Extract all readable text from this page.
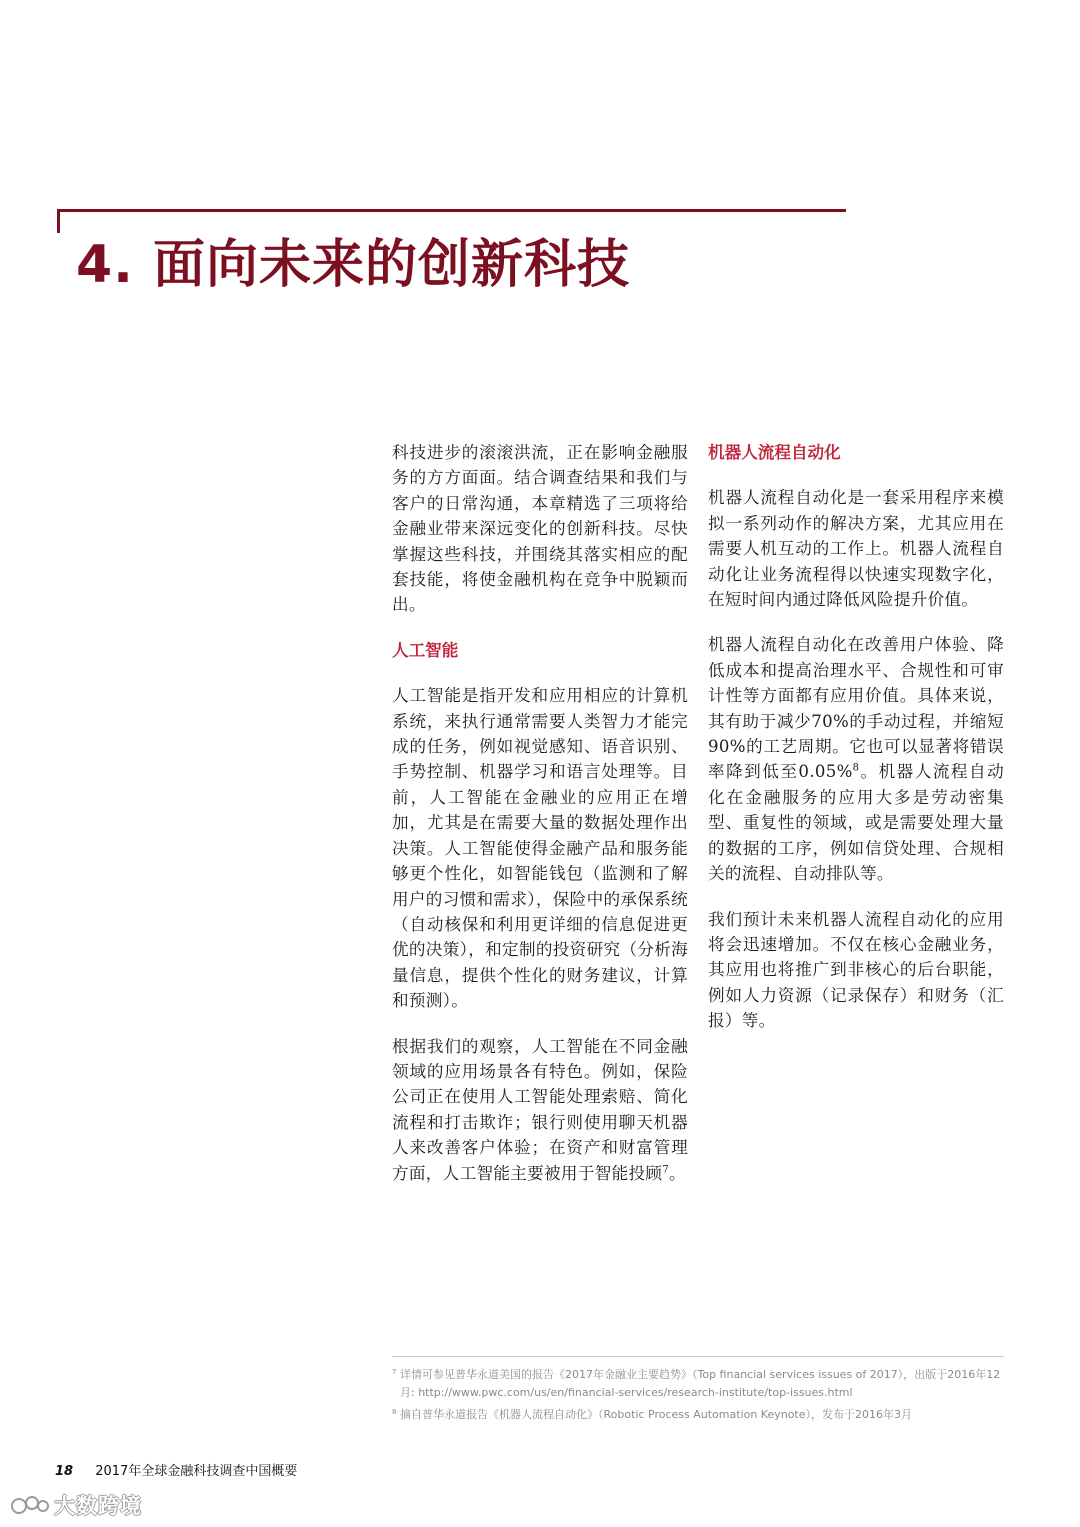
4. 面向未来的创新科技

科技进步的滚滚洪流，正在影响金融服务的方方面面。结合调查结果和我们与客户的日常沟通，本章精选了三项将给金融业带来深远变化的创新科技。尽快掌握这些科技，并围绕其落实相应的配套技能，将使金融机构在竞争中脱颖而出。

人工智能

人工智能是指开发和应用相应的计算机系统，来执行通常需要人类智力才能完成的任务，例如视觉感知、语音识别、手势控制、机器学习和语言处理等。目前，人工智能在金融业的应用正在增加，尤其是在需要大量的数据处理作出决策。人工智能使得金融产品和服务能够更个性化，如智能钱包（监测和了解用户的习惯和需求），保险中的承保系统（自动核保和利用更详细的信息促进更优的决策），和定制的投资研究（分析海量信息，提供个性化的财务建议，计算和预测）。

根据我们的观察，人工智能在不同金融领域的应用场景各有特色。例如，保险公司正在使用人工智能处理索赔、简化流程和打击欺诈；银行则使用聊天机器人来改善客户体验；在资产和财富管理方面，人工智能主要被用于智能投顾$^7$。

机器人流程自动化

机器人流程自动化是一套采用程序来模拟一系列动作的解决方案，尤其应用在需要人机互动的工作上。机器人流程自动化让业务流程得以快速实现数字化，在短时间内通过降低风险提升价值。

机器人流程自动化在改善用户体验、降低成本和提高治理水平、合规性和可审计性等方面都有应用价值。具体来说，其有助于减少70%的手动过程，并缩短90%的工艺周期。它也可以显著将错误率降到低至0.05%$^8$。机器人流程自动化在金融服务的应用大多是劳动密集型、重复性的领域，或是需要处理大量的数据的工序，例如信贷处理、合规相关的流程、自动排队等。

我们预计未来机器人流程自动化的应用将会迅速增加。不仅在核心金融业务，其应用也将推广到非核心的后台职能，例如人力资源（记录保存）和财务（汇报）等。

7 详情可参见普华永道美国的报告《2017年金融业主要趋势》（Top financial services issues of 2017），出版于2016年12月: http://www.pwc.com/us/en/financial-services/research-institute/top-issues.html
8 摘自普华永道报告《机器人流程自动化》（Robotic Process Automation Keynote），发布于2016年3月
18 2017年全球金融科技调查中国概要
大数跨境
